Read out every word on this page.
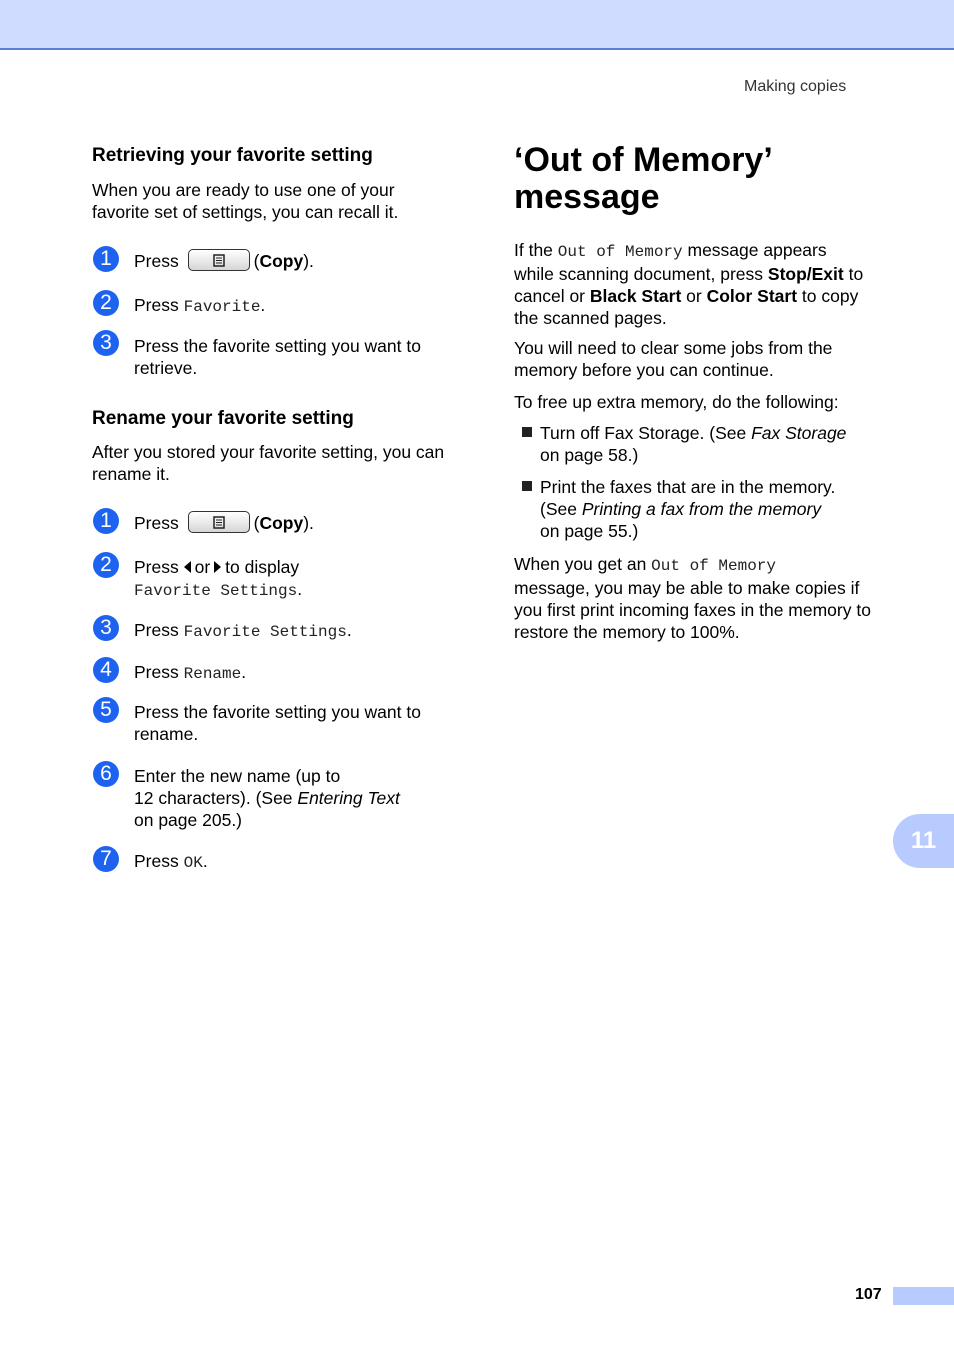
Making copies
Retrieving your favorite setting
When you are ready to use one of your
favorite set of settings, you can recall it.
1	Press	(Copy).
2	Press Favorite.
3	Press the favorite setting you want to
retrieve.
Rename your favorite setting
After you stored your favorite setting, you can
rename it.
1	Press	(Copy).
2	Press or to display
Favorite Settings.
3	Press Favorite Settings.
4	Press Rename.
5	Press the favorite setting you want to
rename.
6	Enter the new name (up to
12 characters). (See Entering Text
on page 205.)
7	Press OK.
‘Out of Memory’
message
If the Out of Memory message appears
while scanning document, press Stop/Exit to
cancel or Black Start or Color Start to copy
the scanned pages.
You will need to clear some jobs from the
memory before you can continue.
To free up extra memory, do the following:
Turn off Fax Storage. (See Fax Storage
on page 58.)
Print the faxes that are in the memory.
(See Printing a fax from the memory
on page 55.)
When you get an Out of Memory
message, you may be able to make copies if
you first print incoming faxes in the memory to
restore the memory to 100%.
11
107
